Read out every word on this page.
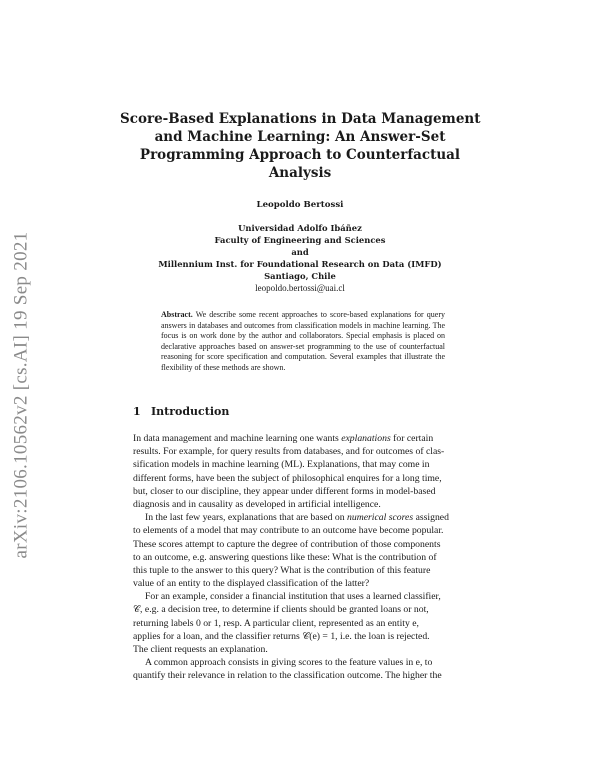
arXiv:2106.10562v2 [cs.AI] 19 Sep 2021
Score-Based Explanations in Data Management
and Machine Learning: An Answer-Set
Programming Approach to Counterfactual
Analysis
Leopoldo Bertossi
Universidad Adolfo Ibáñez
Faculty of Engineering and Sciences
and
Millennium Inst. for Foundational Research on Data (IMFD)
Santiago, Chile
leopoldo.bertossi@uai.cl
Abstract. We describe some recent approaches to score-based explanations for query answers in databases and outcomes from classification models in machine learning. The focus is on work done by the author and collaborators. Special emphasis is placed on declarative approaches based on answer-set programming to the use of counterfactual reasoning for score specification and computation. Several examples that illustrate the flexibility of these methods are shown.
1 Introduction
In data management and machine learning one wants explanations for certain
results. For example, for query results from databases, and for outcomes of clas-
sification models in machine learning (ML). Explanations, that may come in
different forms, have been the subject of philosophical enquires for a long time,
but, closer to our discipline, they appear under different forms in model-based
diagnosis and in causality as developed in artificial intelligence.
In the last few years, explanations that are based on numerical scores assigned
to elements of a model that may contribute to an outcome have become popular.
These scores attempt to capture the degree of contribution of those components
to an outcome, e.g. answering questions like these: What is the contribution of
this tuple to the answer to this query? What is the contribution of this feature
value of an entity to the displayed classification of the latter?
For an example, consider a financial institution that uses a learned classifier,
𝒞, e.g. a decision tree, to determine if clients should be granted loans or not,
returning labels 0 or 1, resp. A particular client, represented as an entity e,
applies for a loan, and the classifier returns 𝒞(e) = 1, i.e. the loan is rejected.
The client requests an explanation.
A common approach consists in giving scores to the feature values in e, to
quantify their relevance in relation to the classification outcome. The higher the
